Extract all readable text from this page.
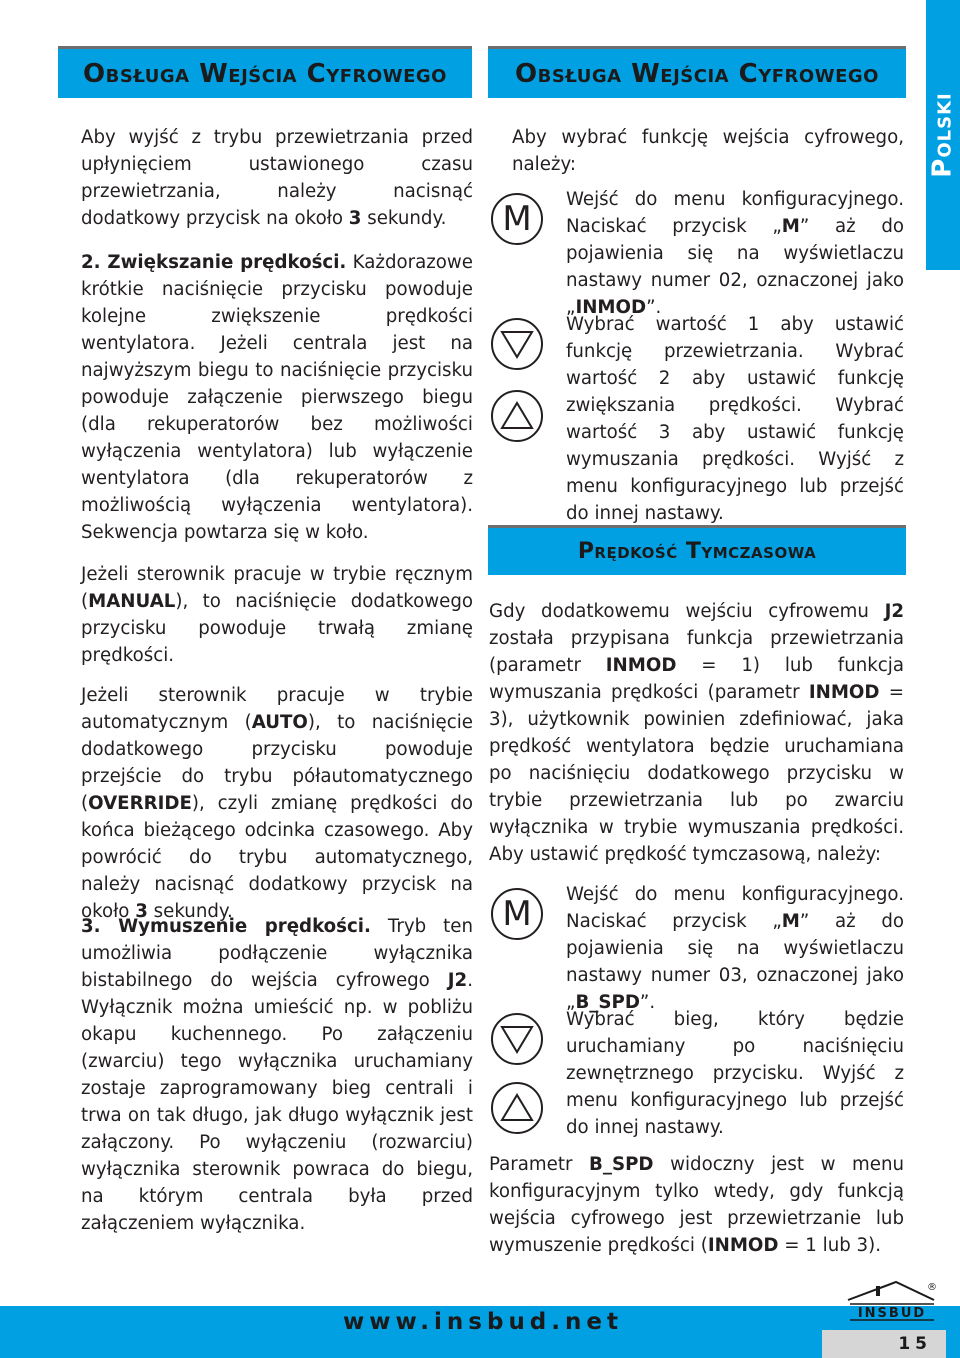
Polski
Obsługa Wejścia Cyfrowego

Aby wyjść z trybu przewietrzania przed upłynięciem ustawionego czasu przewietrzania, należy nacisnąć dodatkowy przycisk na około 3 sekundy.

2. Zwiększanie prędkości. Każdorazowe krótkie naciśnięcie przycisku powoduje kolejne zwiększenie prędkości wentylatora. Jeżeli centrala jest na najwyższym biegu to naciśnięcie przycisku powoduje załączenie pierwszego biegu (dla rekuperatorów bez możliwości wyłączenia wentylatora) lub wyłączenie wentylatora (dla rekuperatorów z możliwością wyłączenia wentylatora). Sekwencja powtarza się w koło.

Jeżeli sterownik pracuje w trybie ręcznym (MANUAL), to naciśnięcie dodatkowego przycisku powoduje trwałą zmianę prędkości.

Jeżeli sterownik pracuje w trybie automatycznym (AUTO), to naciśnięcie dodatkowego przycisku powoduje przejście do trybu półautomatycznego (OVERRIDE), czyli zmianę prędkości do końca bieżącego odcinka czasowego. Aby powrócić do trybu automatycznego, należy nacisnąć dodatkowy przycisk na około 3 sekundy.

3. Wymuszenie prędkości. Tryb ten umożliwia podłączenie wyłącznika bistabilnego do wejścia cyfrowego J2. Wyłącznik można umieścić np. w pobliżu okapu kuchennego. Po załączeniu (zwarciu) tego wyłącznika uruchamiany zostaje zaprogramowany bieg centrali i trwa on tak długo, jak długo wyłącznik jest załączony. Po wyłączeniu (rozwarciu) wyłącznika sterownik powraca do biegu, na którym centrala była przed załączeniem wyłącznika.

Obsługa Wejścia Cyfrowego

Aby wybrać funkcję wejścia cyfrowego, należy:

M Wejść do menu konfiguracyjnego. Naciskać przycisk „M” aż do pojawienia się na wyświetlaczu nastawy numer 02, oznaczonej jako „INMOD”.

Wybrać wartość 1 aby ustawić funkcję przewietrzania. Wybrać wartość 2 aby ustawić funkcję zwiększania prędkości. Wybrać wartość 3 aby ustawić funkcję wymuszania prędkości. Wyjść z menu konfiguracyjnego lub przejść do innej nastawy.

Prędkość Tymczasowa

Gdy dodatkowemu wejściu cyfrowemu J2 została przypisana funkcja przewietrzania (parametr INMOD = 1) lub funkcja wymuszania prędkości (parametr INMOD = 3), użytkownik powinien zdefiniować, jaka prędkość wentylatora będzie uruchamiana po naciśnięciu dodatkowego przycisku w trybie przewietrzania lub po zwarciu wyłącznika w trybie wymuszania prędkości. Aby ustawić prędkość tymczasową, należy:

M Wejść do menu konfiguracyjnego. Naciskać przycisk „M” aż do pojawienia się na wyświetlaczu nastawy numer 03, oznaczonej jako „B_SPD”.

Wybrać bieg, który będzie uruchamiany po naciśnięciu zewnętrznego przycisku. Wyjść z menu konfiguracyjnego lub przejść do innej nastawy.

Parametr B_SPD widoczny jest w menu konfiguracyjnym tylko wtedy, gdy funkcją wejścia cyfrowego jest przewietrzanie lub wymuszenie prędkości (INMOD = 1 lub 3).

www.insbud.net
15
INSBUD
®
